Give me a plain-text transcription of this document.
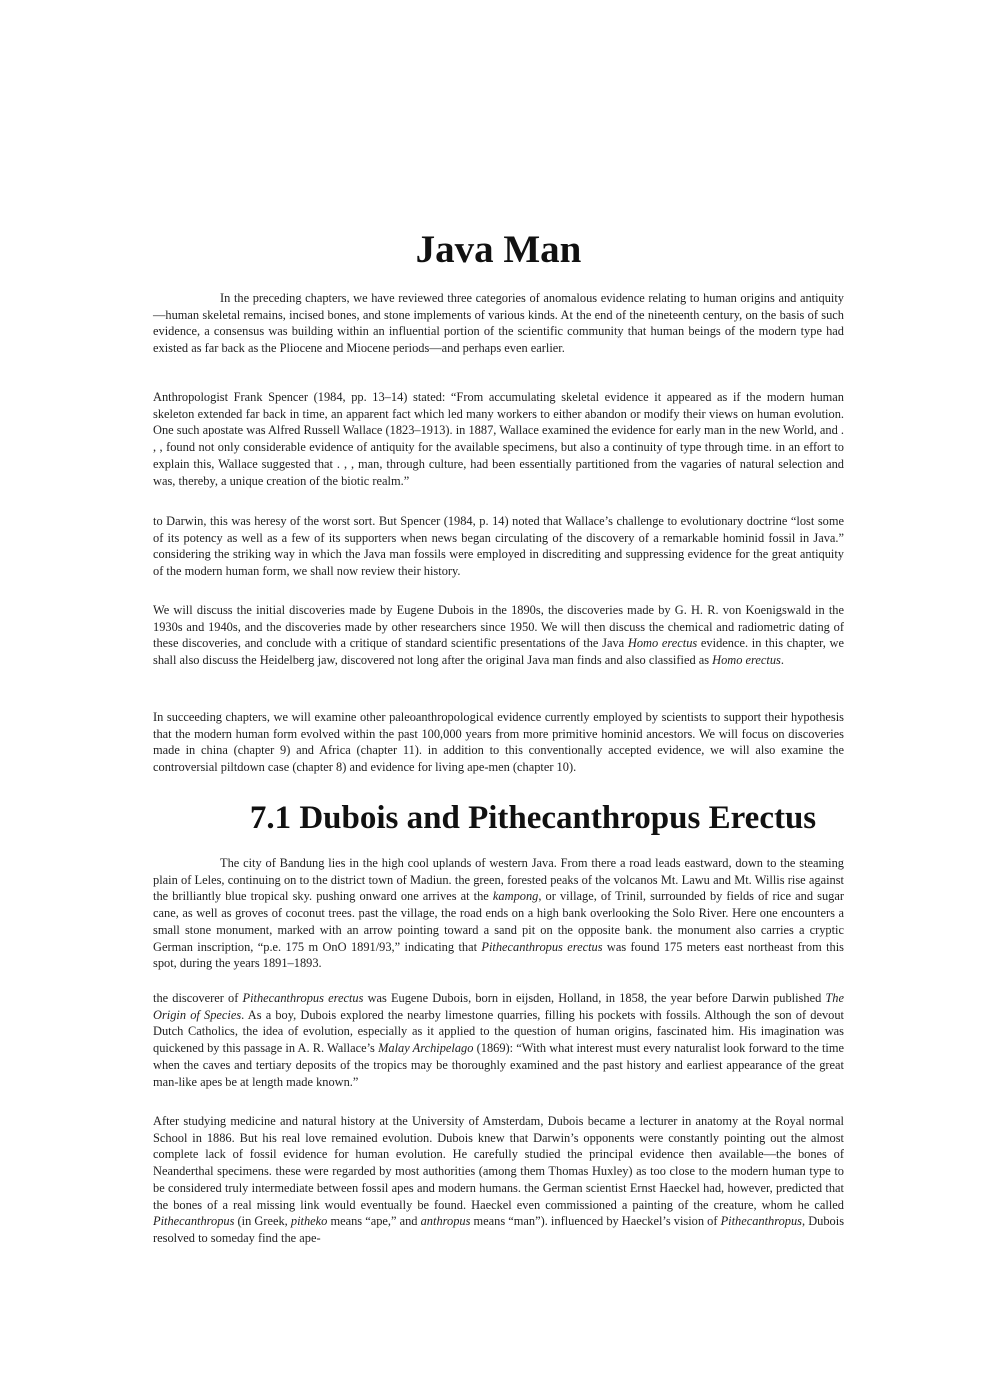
Java Man

In the preceding chapters, we have reviewed three categories of anomalous evidence relating to human origins and antiquity—human skeletal remains, incised bones, and stone implements of various kinds. At the end of the nineteenth century, on the basis of such evidence, a consensus was building within an influential portion of the scientific community that human beings of the modern type had existed as far back as the Pliocene and Miocene periods—and perhaps even earlier.

Anthropologist Frank Spencer (1984, pp. 13–14) stated: “From accumulating skeletal evidence it appeared as if the modern human skeleton extended far back in time, an apparent fact which led many workers to either abandon or modify their views on human evolution. One such apostate was Alfred Russell Wallace (1823–1913). in 1887, Wallace examined the evidence for early man in the new World, and . , , found not only considerable evidence of antiquity for the available specimens, but also a continuity of type through time. in an effort to explain this, Wallace suggested that . , , man, through culture, had been essentially partitioned from the vagaries of natural selection and was, thereby, a unique creation of the biotic realm.”

to Darwin, this was heresy of the worst sort. But Spencer (1984, p. 14) noted that Wallace’s challenge to evolutionary doctrine “lost some of its potency as well as a few of its supporters when news began circulating of the discovery of a remarkable hominid fossil in Java.” considering the striking way in which the Java man fossils were employed in discrediting and suppressing evidence for the great antiquity of the modern human form, we shall now review their history.

We will discuss the initial discoveries made by Eugene Dubois in the 1890s, the discoveries made by G. H. R. von Koenigswald in the 1930s and 1940s, and the discoveries made by other researchers since 1950. We will then discuss the chemical and radiometric dating of these discoveries, and conclude with a critique of standard scientific presentations of the Java Homo erectus evidence. in this chapter, we shall also discuss the Heidelberg jaw, discovered not long after the original Java man finds and also classified as Homo erectus.

In succeeding chapters, we will examine other paleoanthropological evidence currently employed by scientists to support their hypothesis that the modern human form evolved within the past 100,000 years from more primitive hominid ancestors. We will focus on discoveries made in china (chapter 9) and Africa (chapter 11). in addition to this conventionally accepted evidence, we will also examine the controversial piltdown case (chapter 8) and evidence for living ape-men (chapter 10).

7.1 Dubois and Pithecanthropus Erectus

The city of Bandung lies in the high cool uplands of western Java. From there a road leads eastward, down to the steaming plain of Leles, continuing on to the district town of Madiun. the green, forested peaks of the volcanos Mt. Lawu and Mt. Willis rise against the brilliantly blue tropical sky. pushing onward one arrives at the kampong, or village, of Trinil, surrounded by fields of rice and sugar cane, as well as groves of coconut trees. past the village, the road ends on a high bank overlooking the Solo River. Here one encounters a small stone monument, marked with an arrow pointing toward a sand pit on the opposite bank. the monument also carries a cryptic German inscription, “p.e. 175 m OnO 1891/93,” indicating that Pithecanthropus erectus was found 175 meters east northeast from this spot, during the years 1891–1893.

the discoverer of Pithecanthropus erectus was Eugene Dubois, born in eijsden, Holland, in 1858, the year before Darwin published The Origin of Species. As a boy, Dubois explored the nearby limestone quarries, filling his pockets with fossils. Although the son of devout Dutch Catholics, the idea of evolution, especially as it applied to the question of human origins, fascinated him. His imagination was quickened by this passage in A. R. Wallace’s Malay Archipelago (1869): “With what interest must every naturalist look forward to the time when the caves and tertiary deposits of the tropics may be thoroughly examined and the past history and earliest appearance of the great man-like apes be at length made known.”

After studying medicine and natural history at the University of Amsterdam, Dubois became a lecturer in anatomy at the Royal normal School in 1886. But his real love remained evolution. Dubois knew that Darwin’s opponents were constantly pointing out the almost complete lack of fossil evidence for human evolution. He carefully studied the principal evidence then available—the bones of Neanderthal specimens. these were regarded by most authorities (among them Thomas Huxley) as too close to the modern human type to be considered truly intermediate between fossil apes and modern humans. the German scientist Ernst Haeckel had, however, predicted that the bones of a real missing link would eventually be found. Haeckel even commissioned a painting of the creature, whom he called Pithecanthropus (in Greek, pitheko means “ape,” and anthropus means “man”). influenced by Haeckel’s vision of Pithecanthropus, Dubois resolved to someday find the ape-
